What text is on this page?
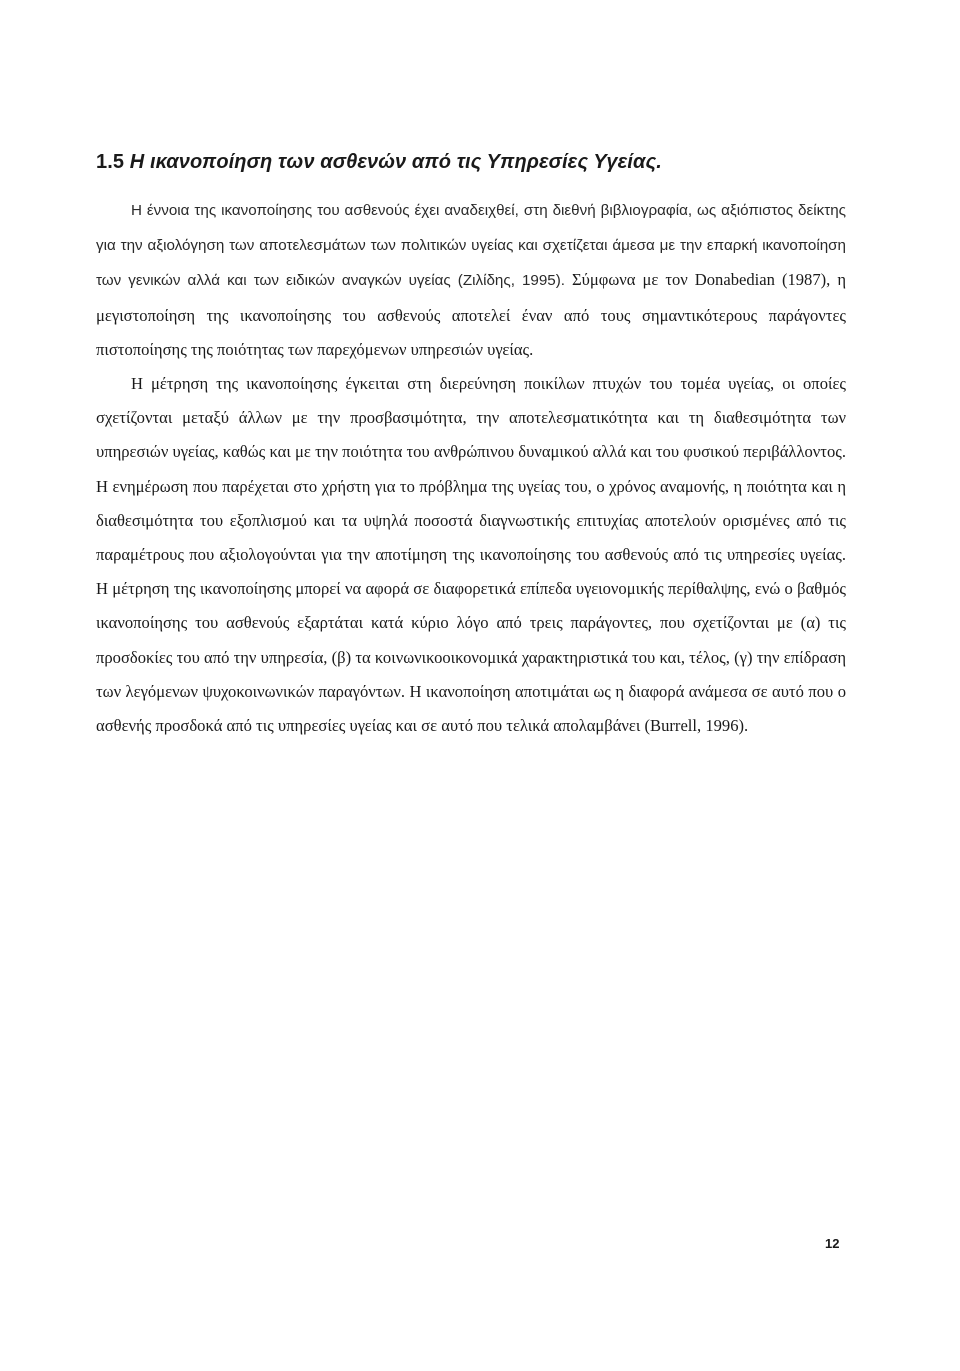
1.5 Η ικανοποίηση των ασθενών από τις Υπηρεσίες Υγείας.

Η έννοια της ικανοποίησης του ασθενούς έχει αναδειχθεί, στη διεθνή βιβλιογραφία, ως αξιόπιστος δείκτης για την αξιολόγηση των αποτελεσμάτων των πολιτικών υγείας και σχετίζεται άμεσα με την επαρκή ικανοποίηση των γενικών αλλά και των ειδικών αναγκών υγείας (Ζιλίδης, 1995). Σύμφωνα με τον Donabedian (1987), η μεγιστοποίηση της ικανοποίησης του ασθενούς αποτελεί έναν από τους σημαντικότερους παράγοντες πιστοποίησης της ποιότητας των παρεχόμενων υπηρεσιών υγείας.

Η μέτρηση της ικανοποίησης έγκειται στη διερεύνηση ποικίλων πτυχών του τομέα υγείας, οι οποίες σχετίζονται μεταξύ άλλων με την προσβασιμότητα, την αποτελεσματικότητα και τη διαθεσιμότητα των υπηρεσιών υγείας, καθώς και με την ποιότητα του ανθρώπινου δυναμικού αλλά και του φυσικού περιβάλλοντος. Η ενημέρωση που παρέχεται στο χρήστη για το πρόβλημα της υγείας του, ο χρόνος αναμονής, η ποιότητα και η διαθεσιμότητα του εξοπλισμού και τα υψηλά ποσοστά διαγνωστικής επιτυχίας αποτελούν ορισμένες από τις παραμέτρους που αξιολογούνται για την αποτίμηση της ικανοποίησης του ασθενούς από τις υπηρεσίες υγείας. Η μέτρηση της ικανοποίησης μπορεί να αφορά σε διαφορετικά επίπεδα υγειονομικής περίθαλψης, ενώ ο βαθμός ικανοποίησης του ασθενούς εξαρτάται κατά κύριο λόγο από τρεις παράγοντες, που σχετίζονται με (α) τις προσδοκίες του από την υπηρεσία, (β) τα κοινωνικοοικονομικά χαρακτηριστικά του και, τέλος, (γ) την επίδραση των λεγόμενων ψυχοκοινωνικών παραγόντων. Η ικανοποίηση αποτιμάται ως η διαφορά ανάμεσα σε αυτό που ο ασθενής προσδοκά από τις υπηρεσίες υγείας και σε αυτό που τελικά απολαμβάνει (Burrell, 1996).

12
